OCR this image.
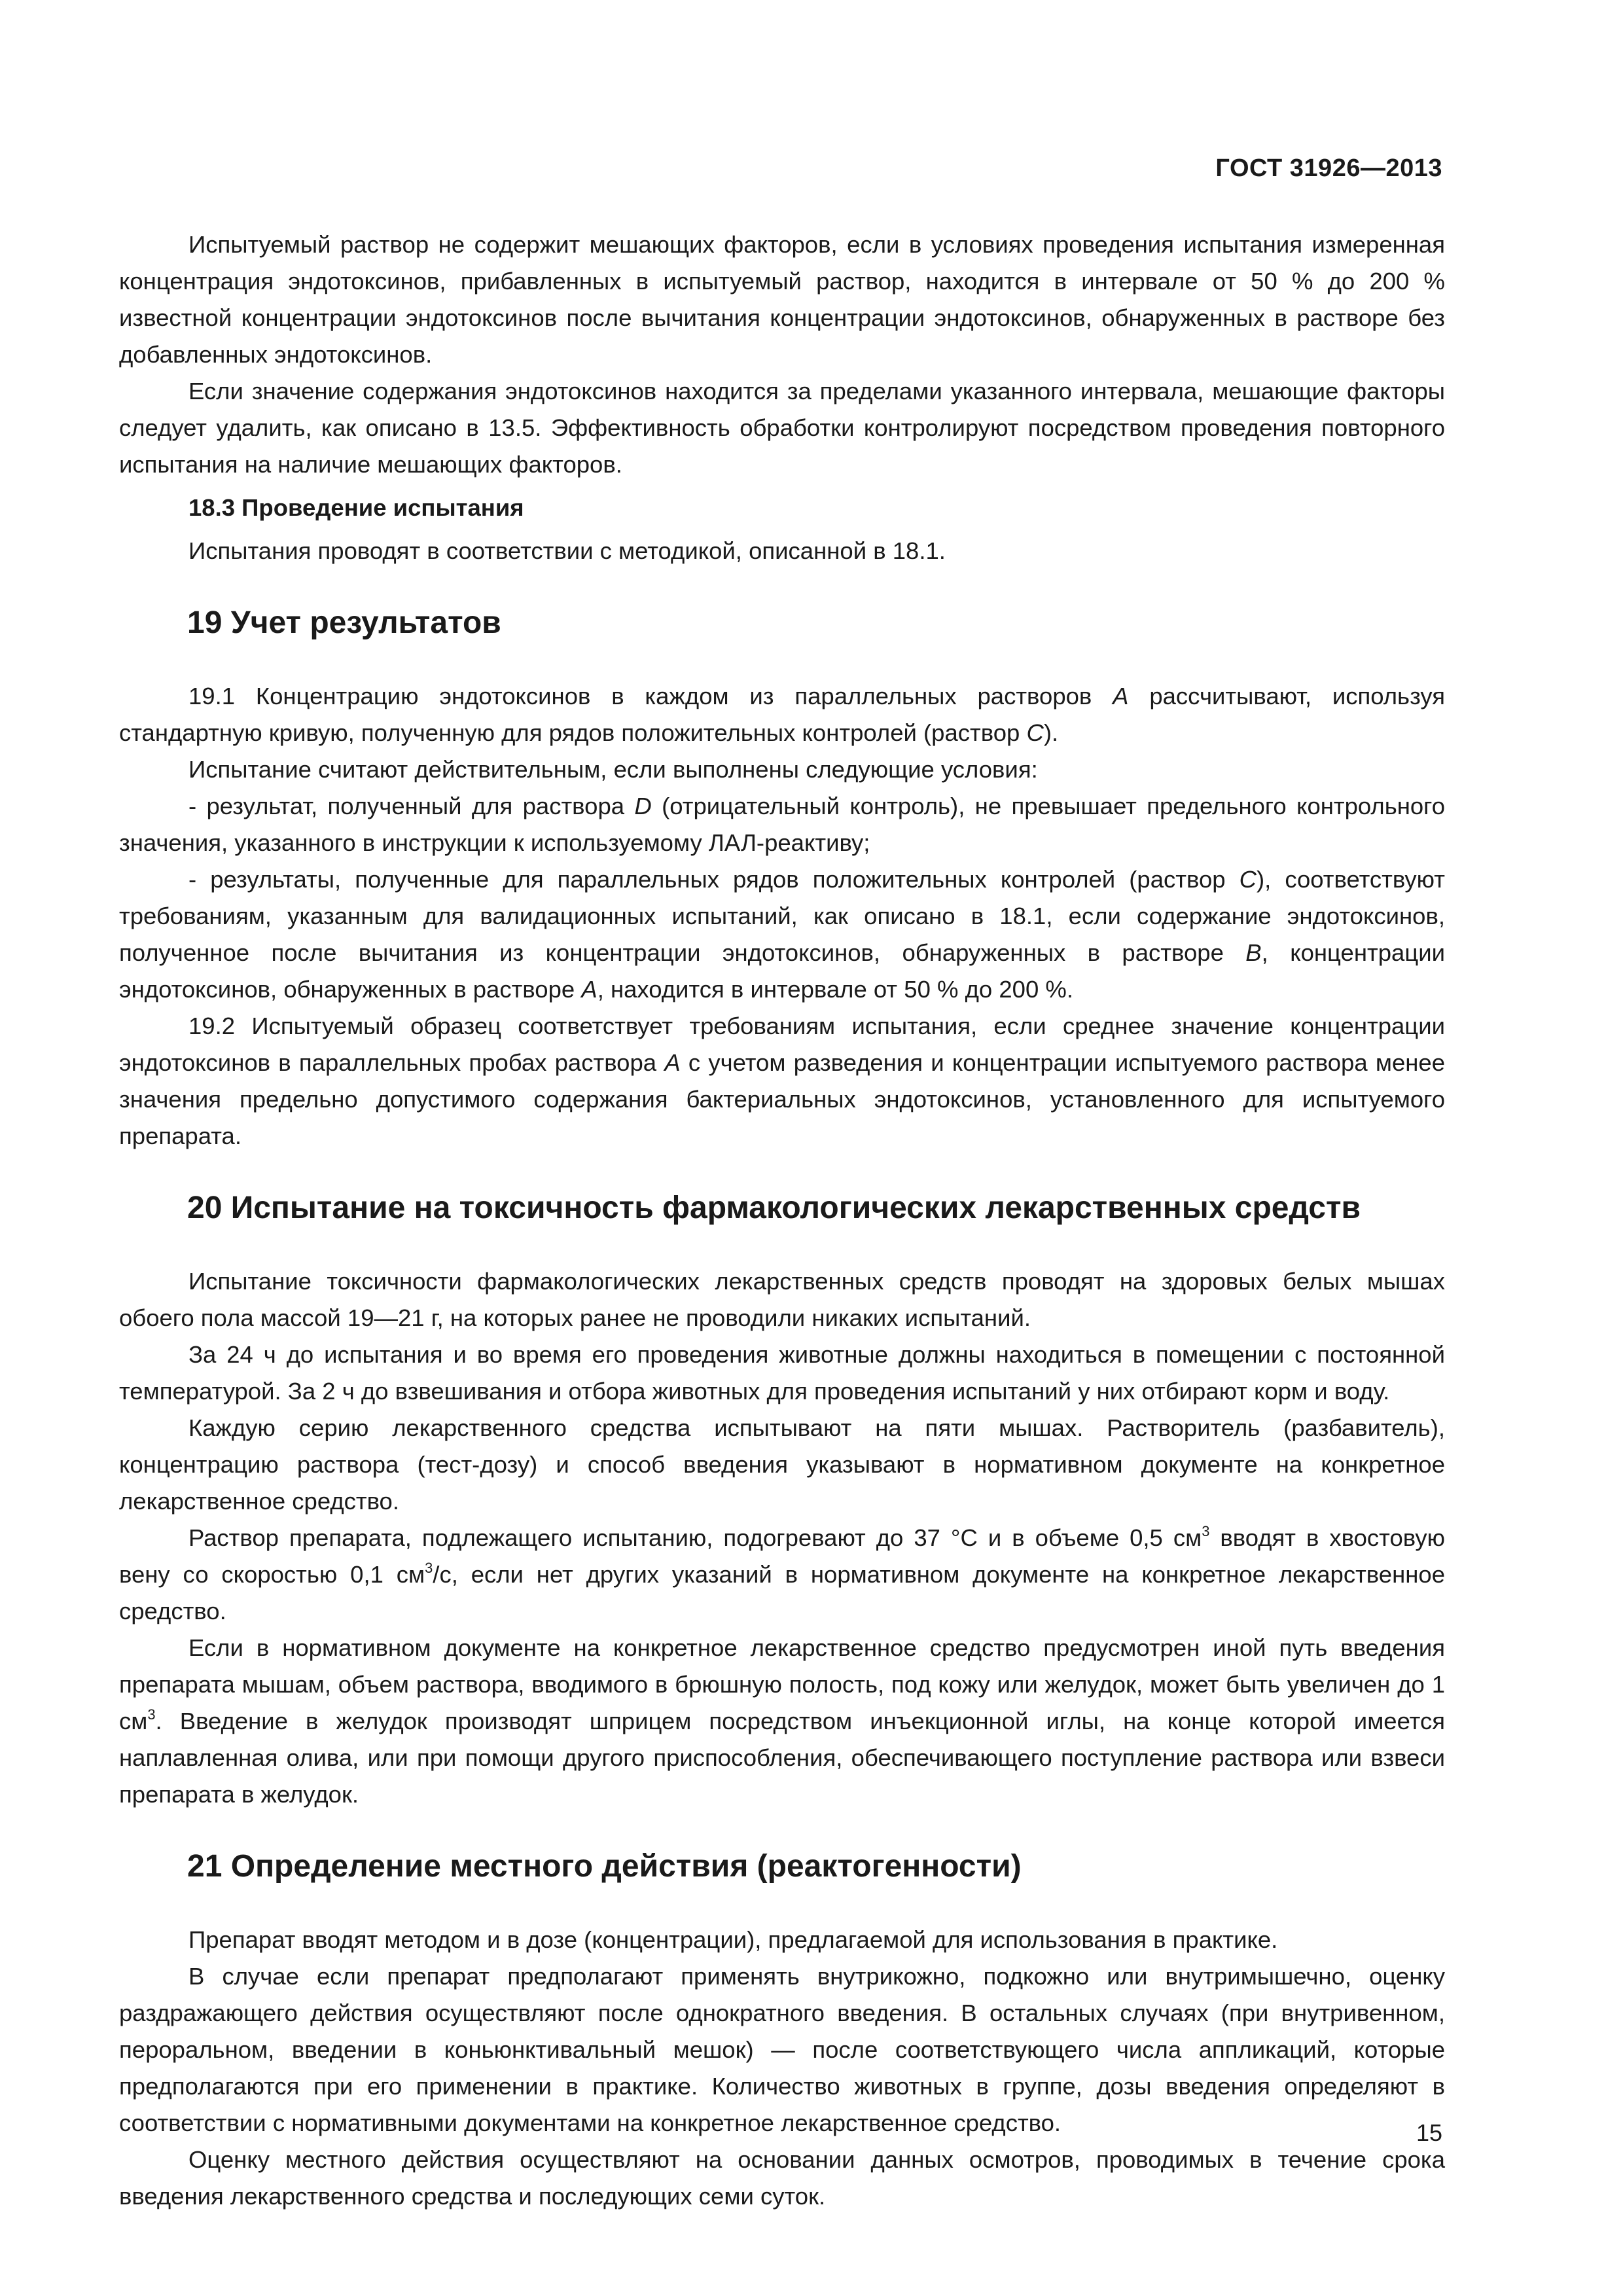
ГОСТ 31926—2013

Испытуемый раствор не содержит мешающих факторов, если в условиях проведения испытания измеренная концентрация эндотоксинов, прибавленных в испытуемый раствор, находится в интервале от 50 % до 200 % известной концентрации эндотоксинов после вычитания концентрации эндотоксинов, обнаруженных в растворе без добавленных эндотоксинов.

Если значение содержания эндотоксинов находится за пределами указанного интервала, мешающие факторы следует удалить, как описано в 13.5. Эффективность обработки контролируют посредством проведения повторного испытания на наличие мешающих факторов.

18.3 Проведение испытания

Испытания проводят в соответствии с методикой, описанной в 18.1.

19 Учет результатов

19.1 Концентрацию эндотоксинов в каждом из параллельных растворов A рассчитывают, используя стандартную кривую, полученную для рядов положительных контролей (раствор C).

Испытание считают действительным, если выполнены следующие условия:

- результат, полученный для раствора D (отрицательный контроль), не превышает предельного контрольного значения, указанного в инструкции к используемому ЛАЛ-реактиву;

- результаты, полученные для параллельных рядов положительных контролей (раствор C), соответствуют требованиям, указанным для валидационных испытаний, как описано в 18.1, если содержание эндотоксинов, полученное после вычитания из концентрации эндотоксинов, обнаруженных в растворе B, концентрации эндотоксинов, обнаруженных в растворе A, находится в интервале от 50 % до 200 %.

19.2 Испытуемый образец соответствует требованиям испытания, если среднее значение концентрации эндотоксинов в параллельных пробах раствора A с учетом разведения и концентрации испытуемого раствора менее значения предельно допустимого содержания бактериальных эндотоксинов, установленного для испытуемого препарата.

20 Испытание на токсичность фармакологических лекарственных средств

Испытание токсичности фармакологических лекарственных средств проводят на здоровых белых мышах обоего пола массой 19—21 г, на которых ранее не проводили никаких испытаний.

За 24 ч до испытания и во время его проведения животные должны находиться в помещении с постоянной температурой. За 2 ч до взвешивания и отбора животных для проведения испытаний у них отбирают корм и воду.

Каждую серию лекарственного средства испытывают на пяти мышах. Растворитель (разбавитель), концентрацию раствора (тест-дозу) и способ введения указывают в нормативном документе на конкретное лекарственное средство.

Раствор препарата, подлежащего испытанию, подогревают до 37 °С и в объеме 0,5 $см^3$ вводят в хвостовую вену со скоростью 0,1 $см^3/с$, если нет других указаний в нормативном документе на конкретное лекарственное средство.

Если в нормативном документе на конкретное лекарственное средство предусмотрен иной путь введения препарата мышам, объем раствора, вводимого в брюшную полость, под кожу или желудок, может быть увеличен до 1 $см^3$. Введение в желудок производят шприцем посредством инъекционной иглы, на конце которой имеется наплавленная олива, или при помощи другого приспособления, обеспечивающего поступление раствора или взвеси препарата в желудок.

21 Определение местного действия (реактогенности)

Препарат вводят методом и в дозе (концентрации), предлагаемой для использования в практике.

В случае если препарат предполагают применять внутрикожно, подкожно или внутримышечно, оценку раздражающего действия осуществляют после однократного введения. В остальных случаях (при внутривенном, пероральном, введении в коньюнктивальный мешок) — после соответствующего числа аппликаций, которые предполагаются при его применении в практике. Количество животных в группе, дозы введения определяют в соответствии с нормативными документами на конкретное лекарственное средство.

Оценку местного действия осуществляют на основании данных осмотров, проводимых в течение срока введения лекарственного средства и последующих семи суток.

15
